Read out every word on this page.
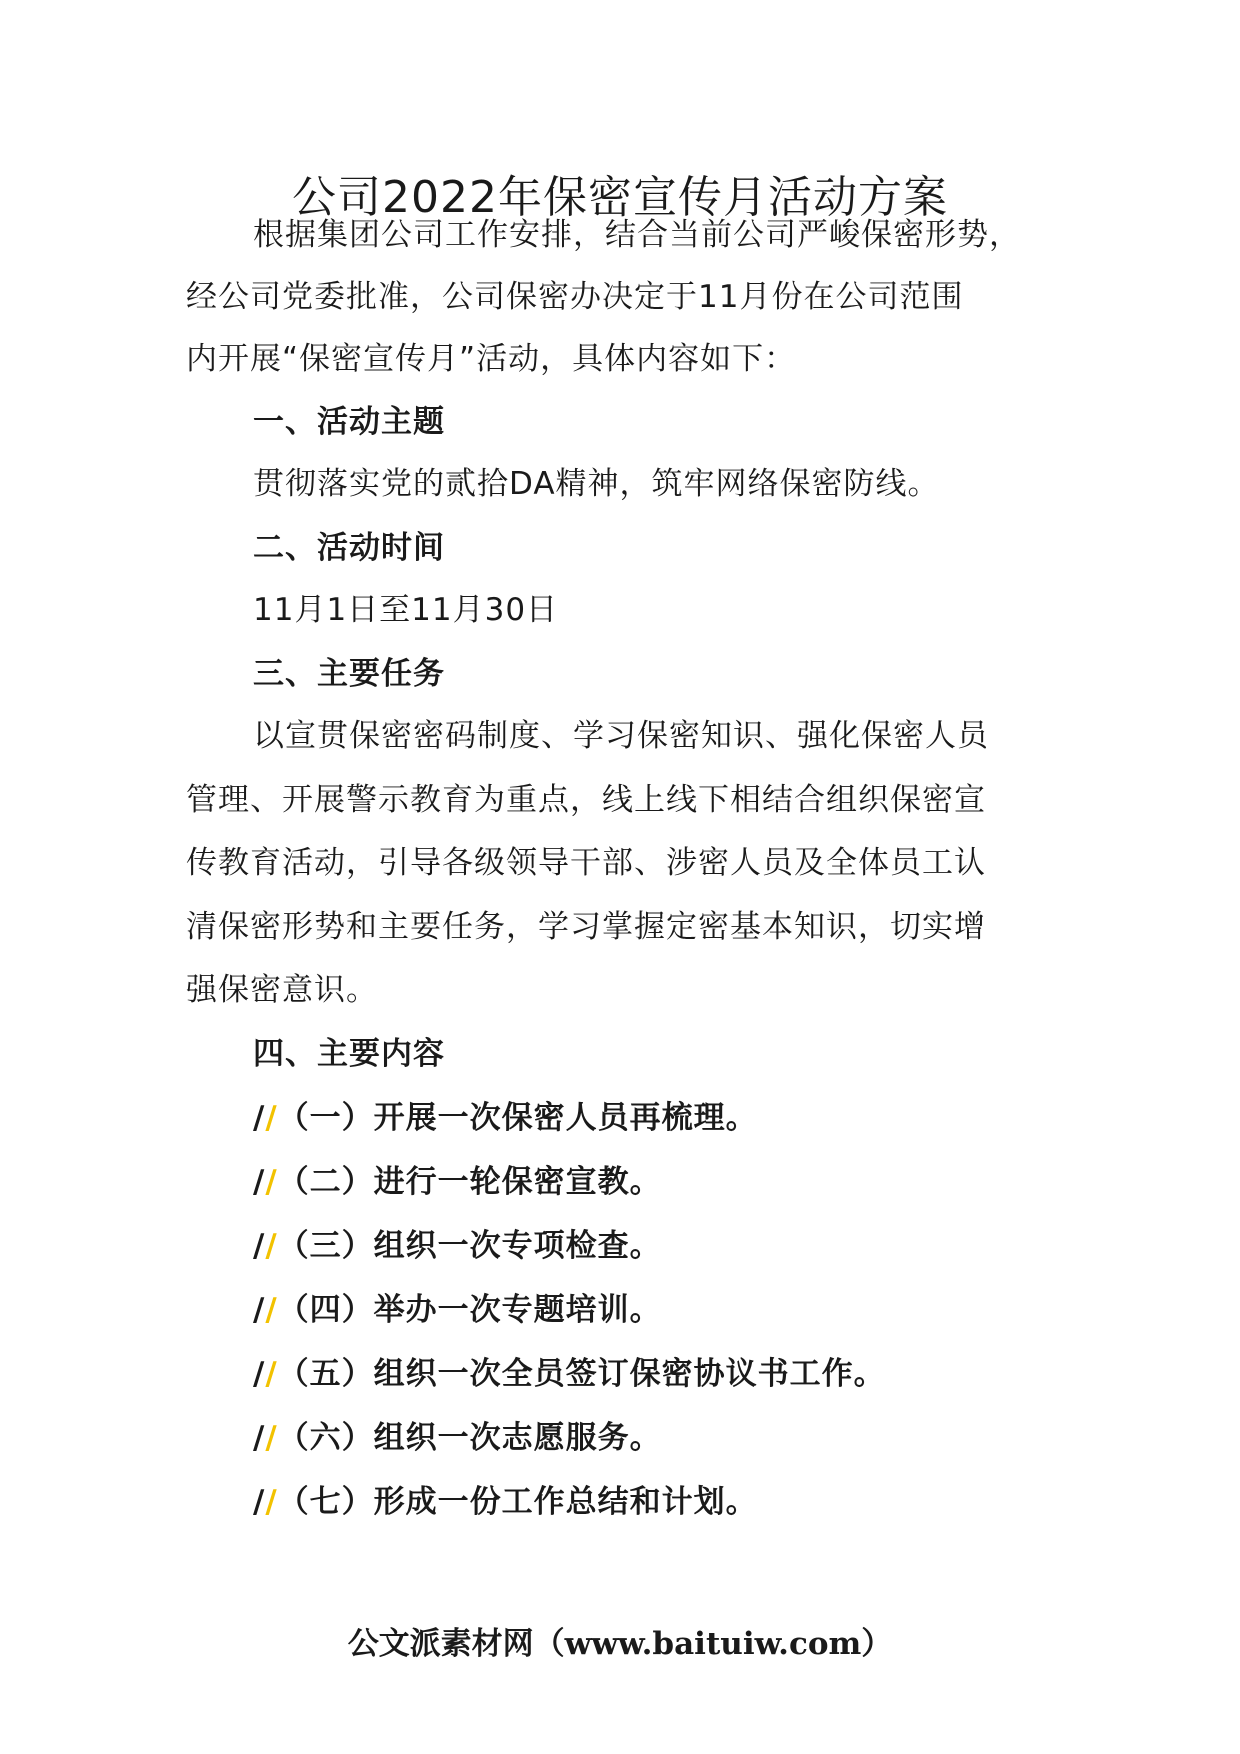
公司2022年保密宣传月活动方案
根据集团公司工作安排，结合当前公司严峻保密形势，
经公司党委批准，公司保密办决定于11月份在公司范围
内开展“保密宣传月”活动，具体内容如下：
一、活动主题
贯彻落实党的贰拾DA精神，筑牢网络保密防线。
二、活动时间
11月1日至11月30日
三、主要任务
以宣贯保密密码制度、学习保密知识、强化保密人员
管理、开展警示教育为重点，线上线下相结合组织保密宣
传教育活动，引导各级领导干部、涉密人员及全体员工认
清保密形势和主要任务，学习掌握定密基本知识，切实增
强保密意识。
四、主要内容
//（一）开展一次保密人员再梳理。
//（二）进行一轮保密宣教。
//（三）组织一次专项检查。
//（四）举办一次专题培训。
//（五）组织一次全员签订保密协议书工作。
//（六）组织一次志愿服务。
//（七）形成一份工作总结和计划。
公文派素材网（www.baituiw.com）
